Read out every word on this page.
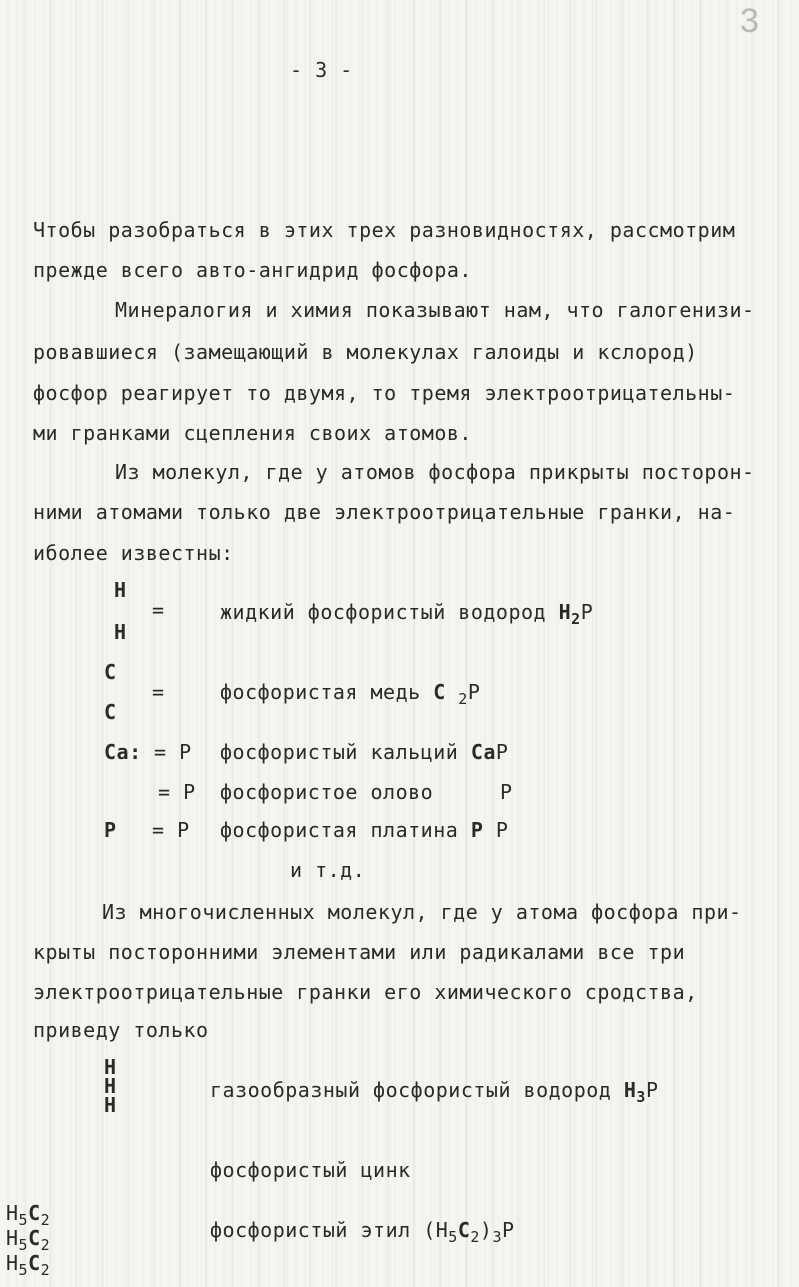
3
- 3 -
Чтобы разобраться в этих трех разновидностях, рассмотрим
прежде всего авто-ангидрид фосфора.
Минералогия и химия показывают нам, что галогенизи-
ровавшиеся (замещающий в молекулах галоиды и кслород)
фосфор реагирует то двумя, то тремя электроотрицательны-
ми гранками сцепления своих атомов.
Из молекул, где у атомов фосфора прикрыты посторон-
ними атомами только две электроотрицательные гранки, на-
иболее известны:
H
H
=	жидкий фосфористый водород $H_2P$
C
C
=	фосфористая медь C $_2$P
Ca: = P фосфористый кальций CaP
= P фосфористое олово	P
P = P фосфористая платина P P
и т.д.
Из многочисленных молекул, где у атома фосфора при-
крыты посторонними элементами или радикалами все три
электроотрицательные гранки его химического сродства,
приведу только
H
H
H
газообразный фосфористый водород $H_3P$
фосфористый цинк
$H_5C_2$
$H_5C_2$
$H_5C_2$
фосфористый этил $(H_5C_2)_3P$
